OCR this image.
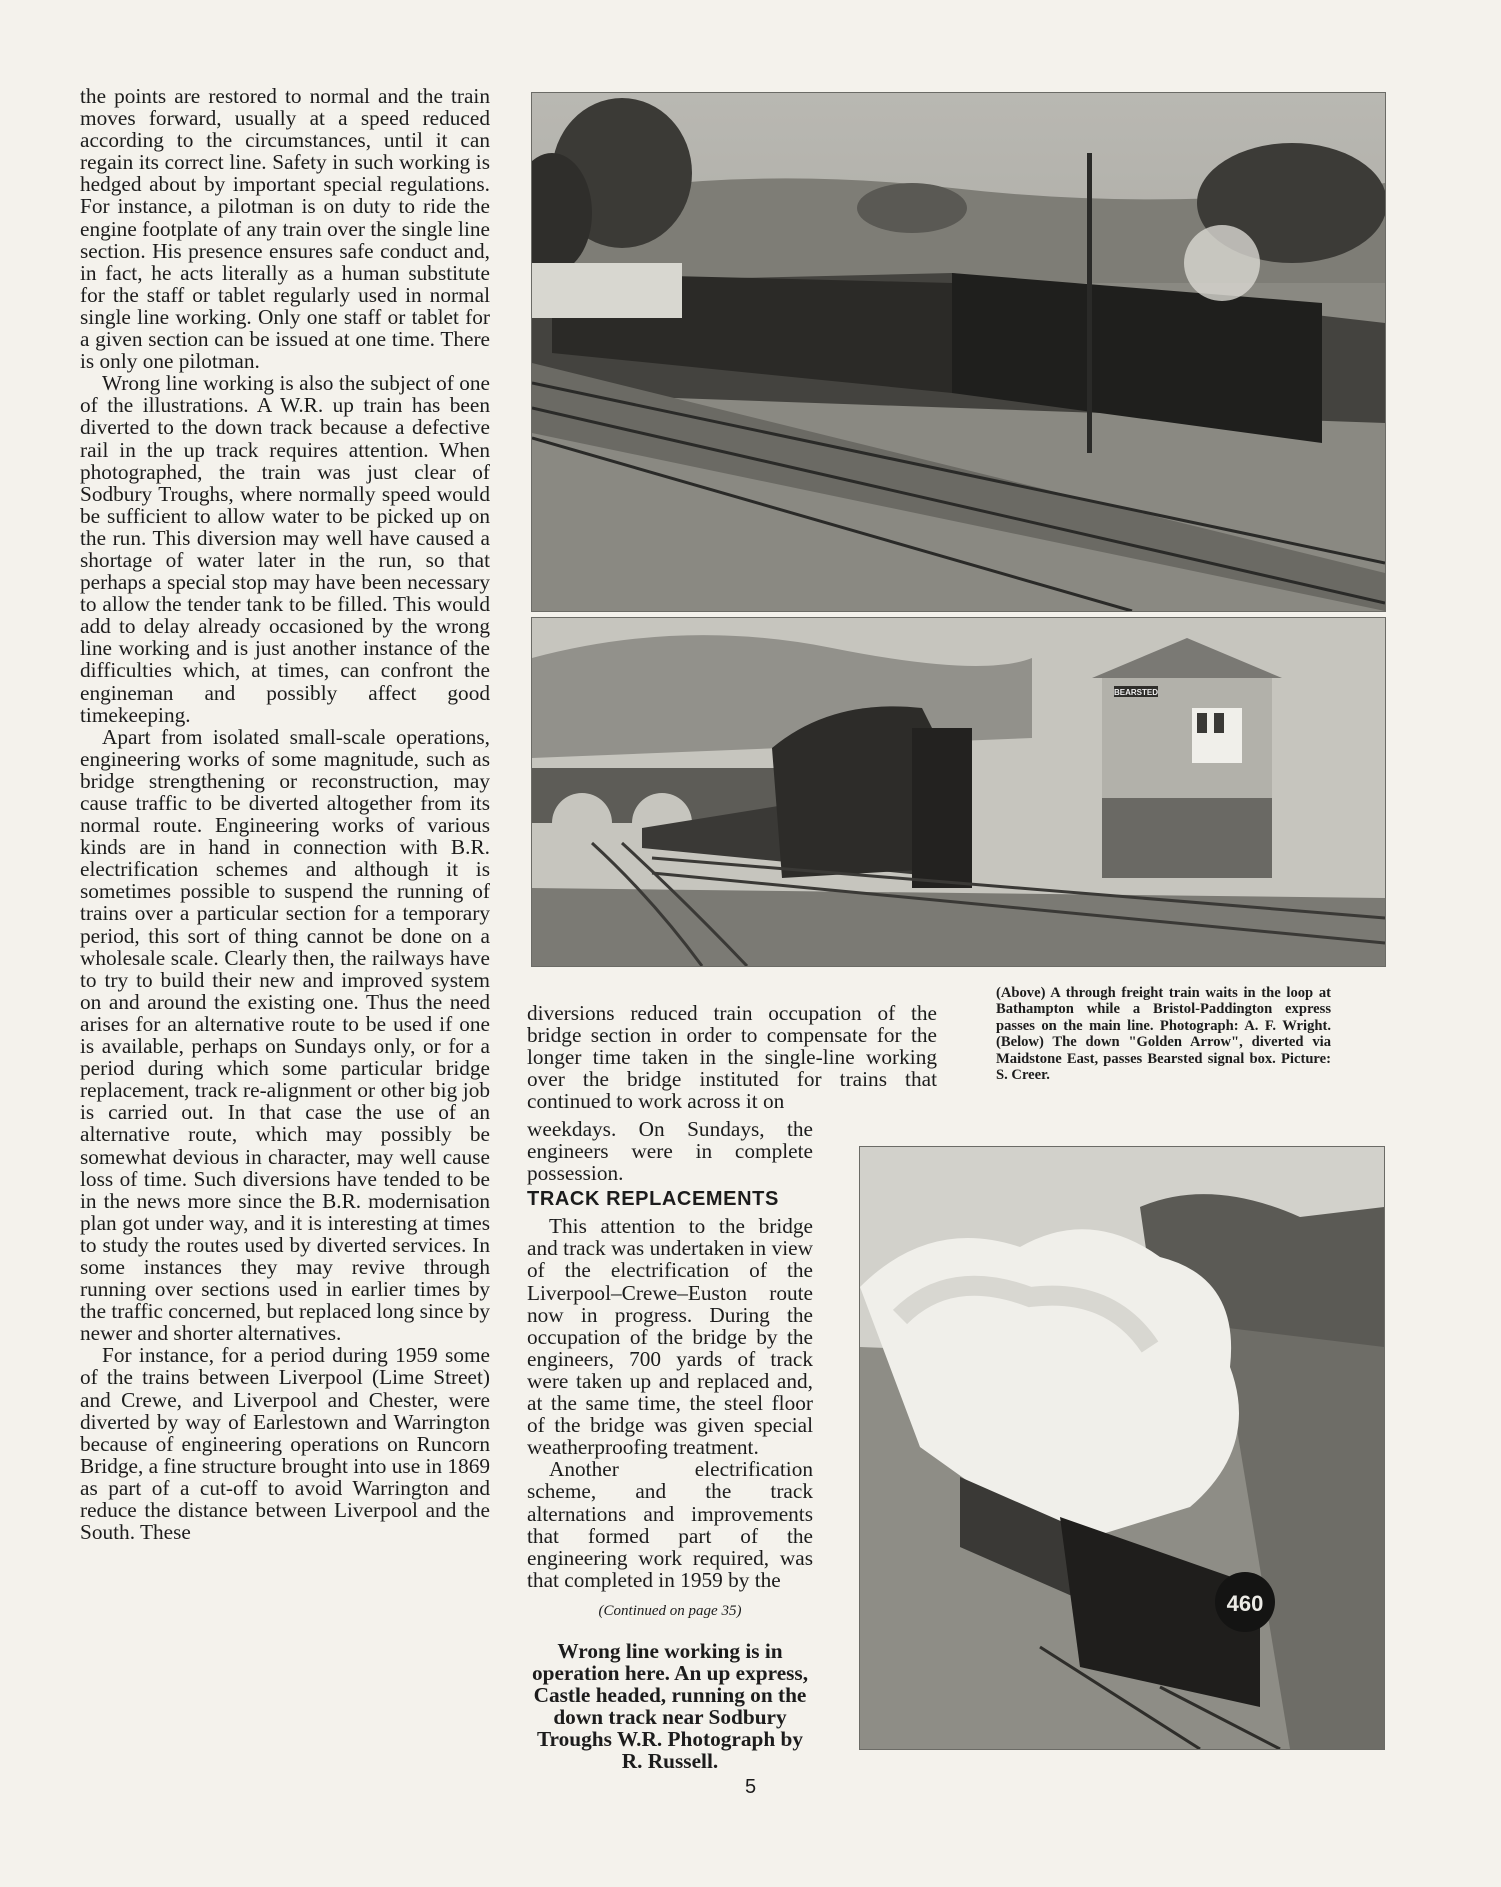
the points are restored to normal and the train moves forward, usually at a speed reduced according to the circumstances, until it can regain its correct line. Safety in such working is hedged about by important special regulations. For instance, a pilotman is on duty to ride the engine footplate of any train over the single line section. His presence ensures safe conduct and, in fact, he acts literally as a human substitute for the staff or tablet regularly used in normal single line working. Only one staff or tablet for a given section can be issued at one time. There is only one pilotman.

Wrong line working is also the subject of one of the illustrations. A W.R. up train has been diverted to the down track because a defective rail in the up track requires attention. When photographed, the train was just clear of Sodbury Troughs, where normally speed would be sufficient to allow water to be picked up on the run. This diversion may well have caused a shortage of water later in the run, so that perhaps a special stop may have been necessary to allow the tender tank to be filled. This would add to delay already occasioned by the wrong line working and is just another instance of the difficulties which, at times, can confront the engineman and possibly affect good timekeeping.

Apart from isolated small-scale operations, engineering works of some magnitude, such as bridge strengthening or reconstruction, may cause traffic to be diverted altogether from its normal route. Engineering works of various kinds are in hand in connection with B.R. electrification schemes and although it is sometimes possible to suspend the running of trains over a particular section for a temporary period, this sort of thing cannot be done on a wholesale scale. Clearly then, the railways have to try to build their new and improved system on and around the existing one. Thus the need arises for an alternative route to be used if one is available, perhaps on Sundays only, or for a period during which some particular bridge replacement, track re-alignment or other big job is carried out. In that case the use of an alternative route, which may possibly be somewhat devious in character, may well cause loss of time. Such diversions have tended to be in the news more since the B.R. modernisation plan got under way, and it is interesting at times to study the routes used by diverted services. In some instances they may revive through running over sections used in earlier times by the traffic concerned, but replaced long since by newer and shorter alternatives.

For instance, for a period during 1959 some of the trains between Liverpool (Lime Street) and Crewe, and Liverpool and Chester, were diverted by way of Earlestown and Warrington because of engineering operations on Runcorn Bridge, a fine structure brought into use in 1869 as part of a cut-off to avoid Warrington and reduce the distance between Liverpool and the South. These

BEARSTED

(Above) A through freight train waits in the loop at Bathampton while a Bristol-Paddington express passes on the main line. Photograph: A. F. Wright. (Below) The down "Golden Arrow", diverted via Maidstone East, passes Bearsted signal box. Picture: S. Creer.

diversions reduced train occupation of the bridge section in order to compensate for the longer time taken in the single-line working over the bridge instituted for trains that continued to work across it on

weekdays. On Sundays, the engineers were in complete possession.

TRACK REPLACEMENTS

This attention to the bridge and track was undertaken in view of the electrification of the Liverpool–Crewe–Euston route now in progress. During the occupation of the bridge by the engineers, 700 yards of track were taken up and replaced and, at the same time, the steel floor of the bridge was given special weatherproofing treatment.

Another electrification scheme, and the track alternations and improvements that formed part of the engineering work required, was that completed in 1959 by the

(Continued on page 35)

Wrong line working is in operation here. An up express, Castle headed, running on the down track near Sodbury Troughs W.R. Photograph by R. Russell.

460
5
